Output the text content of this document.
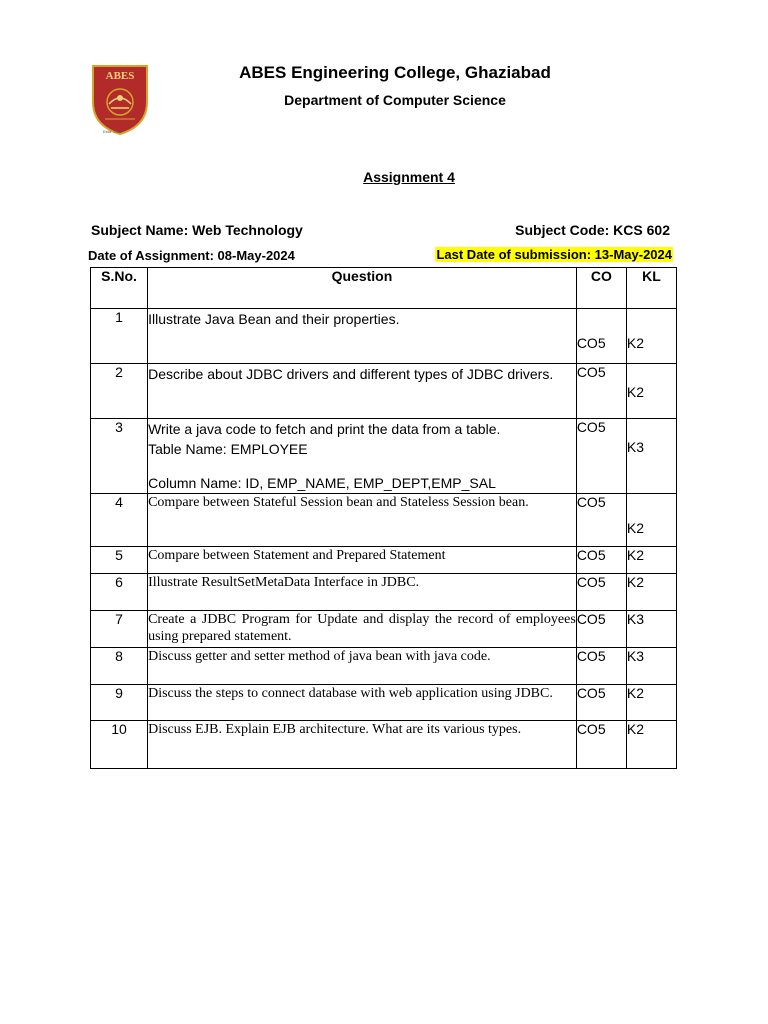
ABES
Estd. 2000
ABES Engineering College, Ghaziabad
Department of Computer Science
Assignment 4
Subject Name: Web Technology	Subject Code: KCS 602
Date of Assignment: 08-May-2024	Last Date of submission: 13-May-2024
S.No.	Question	CO	KL
1	Illustrate Java Bean and their properties.	CO5	K2
2	Describe about JDBC drivers and different types of JDBC drivers.	CO5	K2
3	Write a java code to fetch and print the data from a table.
Table Name: EMPLOYEE
Column Name: ID, EMP_NAME, EMP_DEPT,EMP_SAL	CO5	K3
4	Compare between Stateful Session bean and Stateless Session bean.	CO5	K2
5	Compare between Statement and Prepared Statement	CO5	K2
6	Illustrate ResultSetMetaData Interface in JDBC.	CO5	K2
7	Create a JDBC Program for Update and display the record of employees using prepared statement.	CO5	K3
8	Discuss getter and setter method of java bean with java code.	CO5	K3
9	Discuss the steps to connect database with web application using JDBC.	CO5	K2
10	Discuss EJB. Explain EJB architecture. What are its various types.	CO5	K2
